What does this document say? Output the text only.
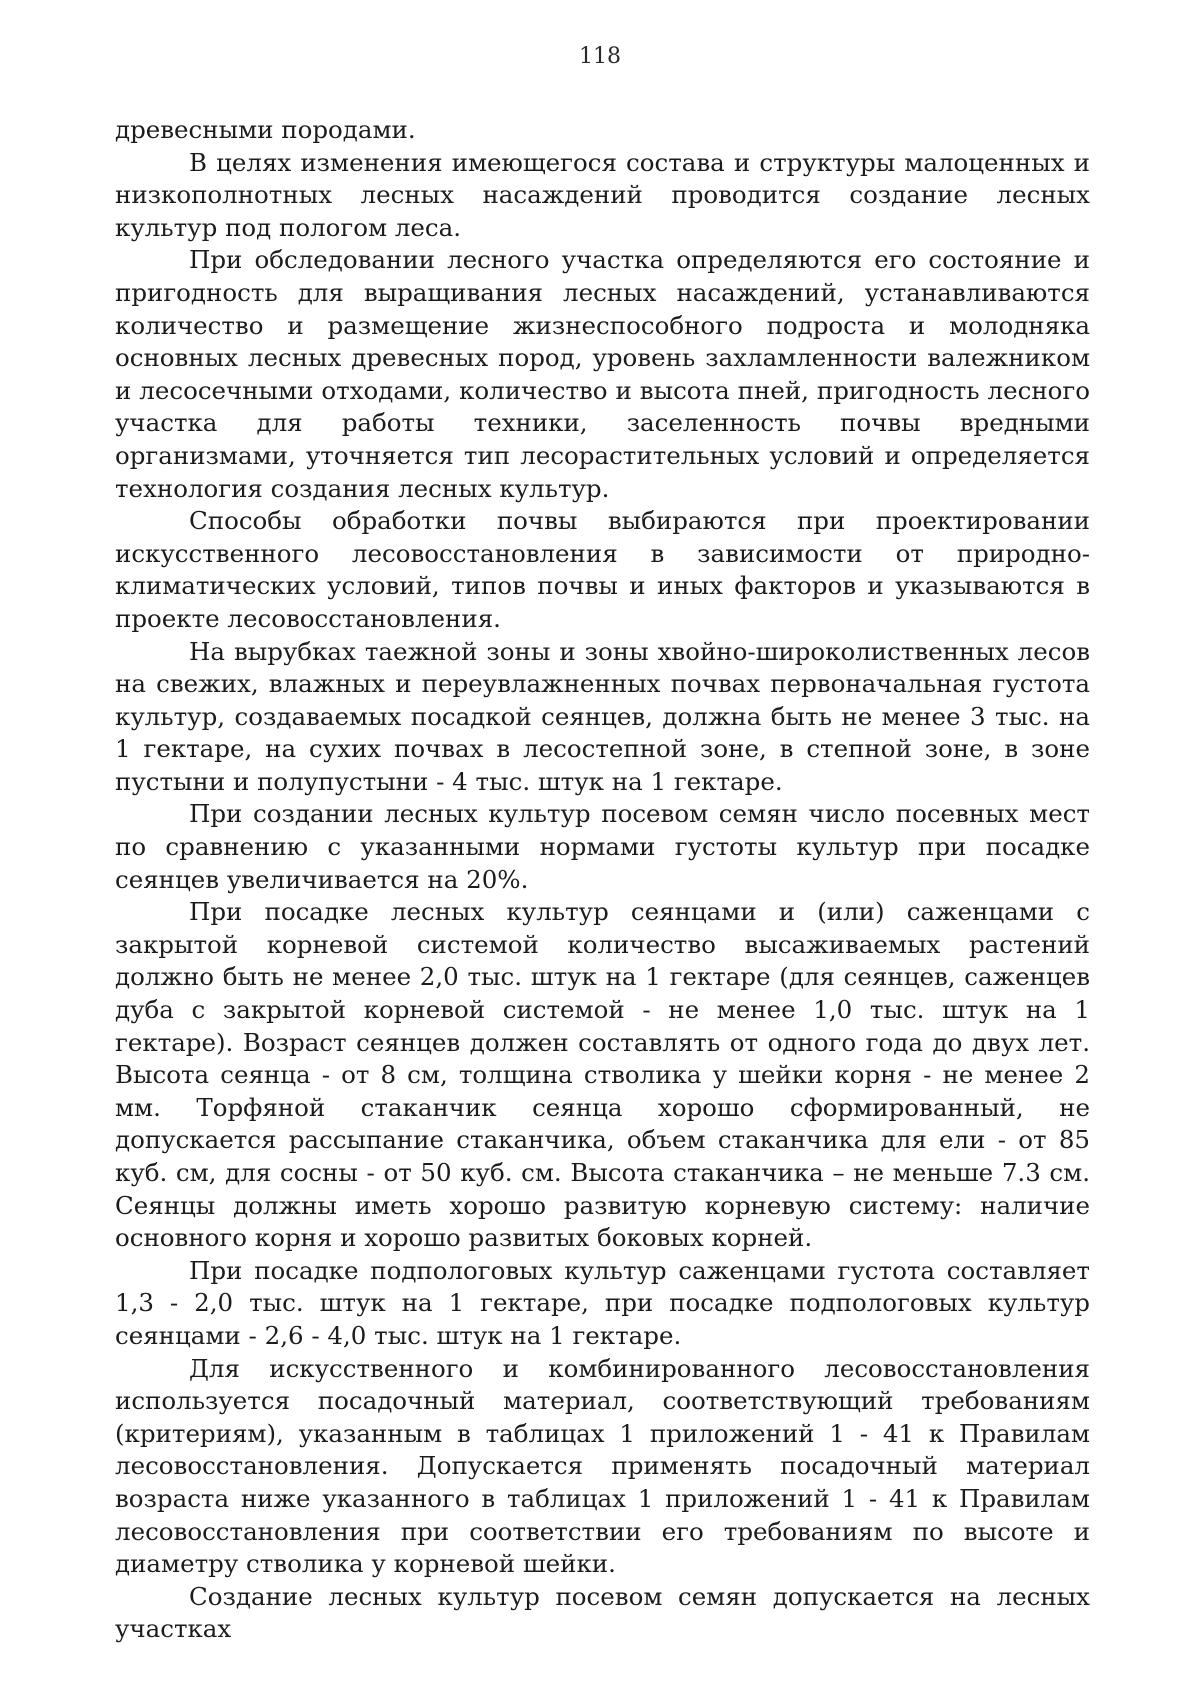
118

древесными породами.

В целях изменения имеющегося состава и структуры малоценных и низкополнотных лесных насаждений проводится создание лесных культур под пологом леса.

При обследовании лесного участка определяются его состояние и пригодность для выращивания лесных насаждений, устанавливаются количество и размещение жизнеспособного подроста и молодняка основных лесных древесных пород, уровень захламленности валежником и лесосечными отходами, количество и высота пней, пригодность лесного участка для работы техники, заселенность почвы вредными организмами, уточняется тип лесорастительных условий и определяется технология создания лесных культур.

Способы обработки почвы выбираются при проектировании искусственного лесовосстановления в зависимости от природно-климатических условий, типов почвы и иных факторов и указываются в проекте лесовосстановления.

На вырубках таежной зоны и зоны хвойно-широколиственных лесов на свежих, влажных и переувлажненных почвах первоначальная густота культур, создаваемых посадкой сеянцев, должна быть не менее 3 тыс. на 1 гектаре, на сухих почвах в лесостепной зоне, в степной зоне, в зоне пустыни и полупустыни - 4 тыс. штук на 1 гектаре.

При создании лесных культур посевом семян число посевных мест по сравнению с указанными нормами густоты культур при посадке сеянцев увеличивается на 20%.

При посадке лесных культур сеянцами и (или) саженцами с закрытой корневой системой количество высаживаемых растений должно быть не менее 2,0 тыс. штук на 1 гектаре (для сеянцев, саженцев дуба с закрытой корневой системой - не менее 1,0 тыс. штук на 1 гектаре). Возраст сеянцев должен составлять от одного года до двух лет. Высота сеянца - от 8 см, толщина стволика у шейки корня - не менее 2 мм. Торфяной стаканчик сеянца хорошо сформированный, не допускается рассыпание стаканчика, объем стаканчика для ели - от 85 куб. см, для сосны - от 50 куб. см. Высота стаканчика – не меньше 7.3 см. Сеянцы должны иметь хорошо развитую корневую систему: наличие основного корня и хорошо развитых боковых корней.

При посадке подпологовых культур саженцами густота составляет 1,3 - 2,0 тыс. штук на 1 гектаре, при посадке подпологовых культур сеянцами - 2,6 - 4,0 тыс. штук на 1 гектаре.

Для искусственного и комбинированного лесовосстановления используется посадочный материал, соответствующий требованиям (критериям), указанным в таблицах 1 приложений 1 - 41 к Правилам лесовосстановления. Допускается применять посадочный материал возраста ниже указанного в таблицах 1 приложений 1 - 41 к Правилам лесовосстановления при соответствии его требованиям по высоте и диаметру стволика у корневой шейки.

Создание лесных культур посевом семян допускается на лесных участках
